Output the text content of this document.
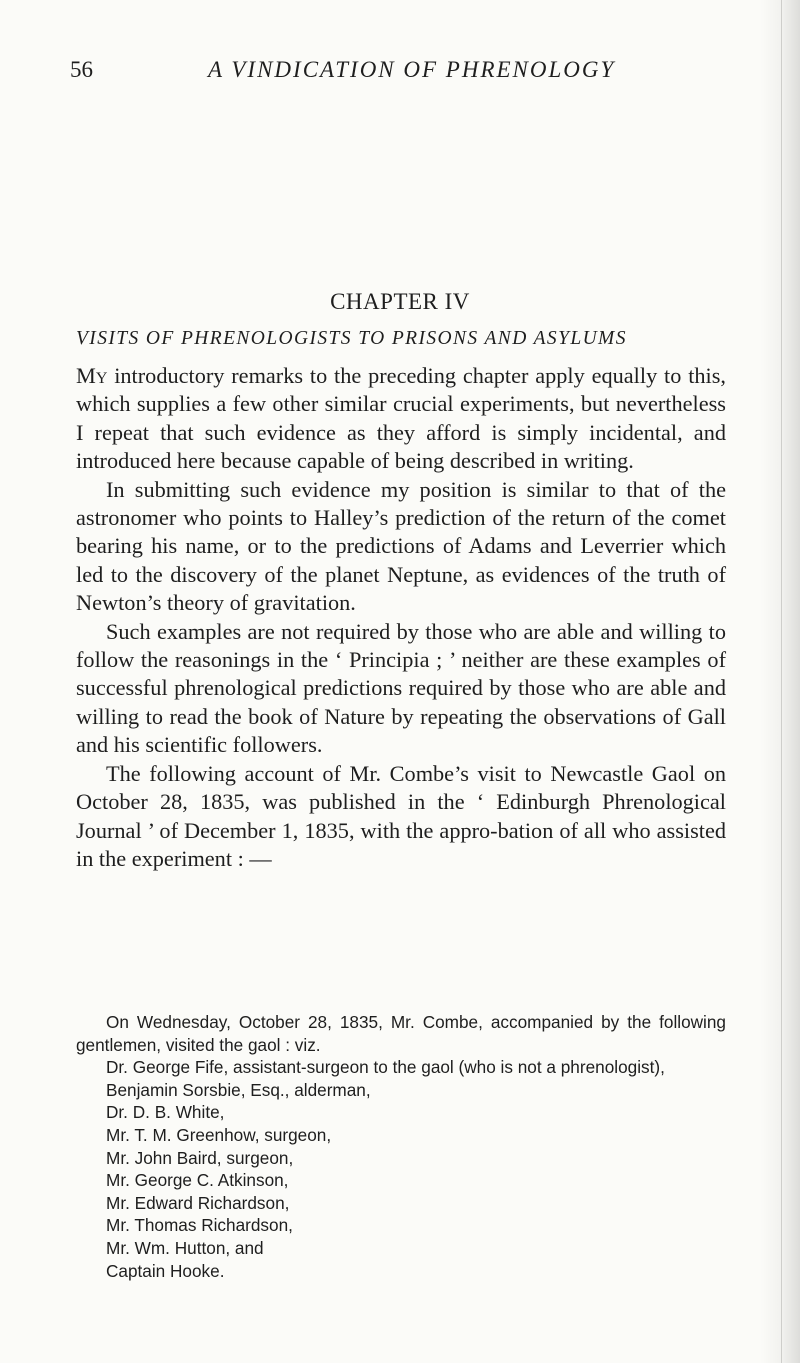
56	A VINDICATION OF PHRENOLOGY
CHAPTER IV
VISITS OF PHRENOLOGISTS TO PRISONS AND ASYLUMS

My introductory remarks to the preceding chapter apply equally to this, which supplies a few other similar crucial experiments, but nevertheless I repeat that such evidence as they afford is simply incidental, and introduced here because capable of being described in writing.

In submitting such evidence my position is similar to that of the astronomer who points to Halley’s prediction of the return of the comet bearing his name, or to the predictions of Adams and Leverrier which led to the discovery of the planet Neptune, as evidences of the truth of Newton’s theory of gravitation.

Such examples are not required by those who are able and willing to follow the reasonings in the ‘ Principia ; ’ neither are these examples of successful phrenological predictions required by those who are able and willing to read the book of Nature by repeating the observations of Gall and his scientific followers.

The following account of Mr. Combe’s visit to Newcastle Gaol on October 28, 1835, was published in the ‘ Edinburgh Phrenological Journal ’ of December 1, 1835, with the appro-bation of all who assisted in the experiment : —

On Wednesday, October 28, 1835, Mr. Combe, accompanied by the following gentlemen, visited the gaol : viz.

Dr. George Fife, assistant-surgeon to the gaol (who is not a phrenologist),

Benjamin Sorsbie, Esq., alderman,
Dr. D. B. White,
Mr. T. M. Greenhow, surgeon,
Mr. John Baird, surgeon,
Mr. George C. Atkinson,
Mr. Edward Richardson,
Mr. Thomas Richardson,
Mr. Wm. Hutton, and
Captain Hooke.
